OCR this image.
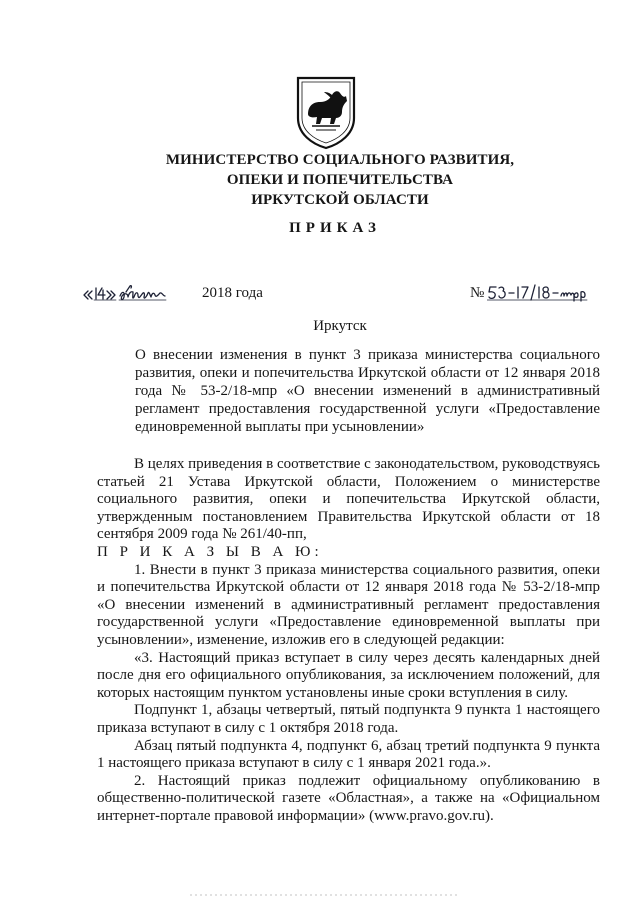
МИНИСТЕРСТВО СОЦИАЛЬНОГО РАЗВИТИЯ,
ОПЕКИ И ПОПЕЧИТЕЛЬСТВА
ИРКУТСКОЙ ОБЛАСТИ
ПРИКАЗ
2018 года	№
Иркутск
О внесении изменения в пункт 3 приказа министерства социального развития, опеки и попечительства Иркутской области от 12 января 2018 года № 53-2/18-мпр «О внесении изменений в административный регламент предоставления государственной услуги «Предоставление единовременной выплаты при усыновлении»

В целях приведения в соответствие с законодательством, руководствуясь статьей 21 Устава Иркутской области, Положением о министерстве социального развития, опеки и попечительства Иркутской области, утвержденным постановлением Правительства Иркутской области от 18 сентября 2009 года № 261/40-пп,

П Р И К А З Ы В А Ю:

1. Внести в пункт 3 приказа министерства социального развития, опеки и попечительства Иркутской области от 12 января 2018 года № 53-2/18-мпр «О внесении изменений в административный регламент предоставления государственной услуги «Предоставление единовременной выплаты при усыновлении», изменение, изложив его в следующей редакции:

«3. Настоящий приказ вступает в силу через десять календарных дней после дня его официального опубликования, за исключением положений, для которых настоящим пунктом установлены иные сроки вступления в силу.

Подпункт 1, абзацы четвертый, пятый подпункта 9 пункта 1 настоящего приказа вступают в силу с 1 октября 2018 года.

Абзац пятый подпункта 4, подпункт 6, абзац третий подпункта 9 пункта 1 настоящего приказа вступают в силу с 1 января 2021 года.».

2. Настоящий приказ подлежит официальному опубликованию в общественно-политической газете «Областная», а также на «Официальном интернет-портале правовой информации» (www.pravo.gov.ru).
